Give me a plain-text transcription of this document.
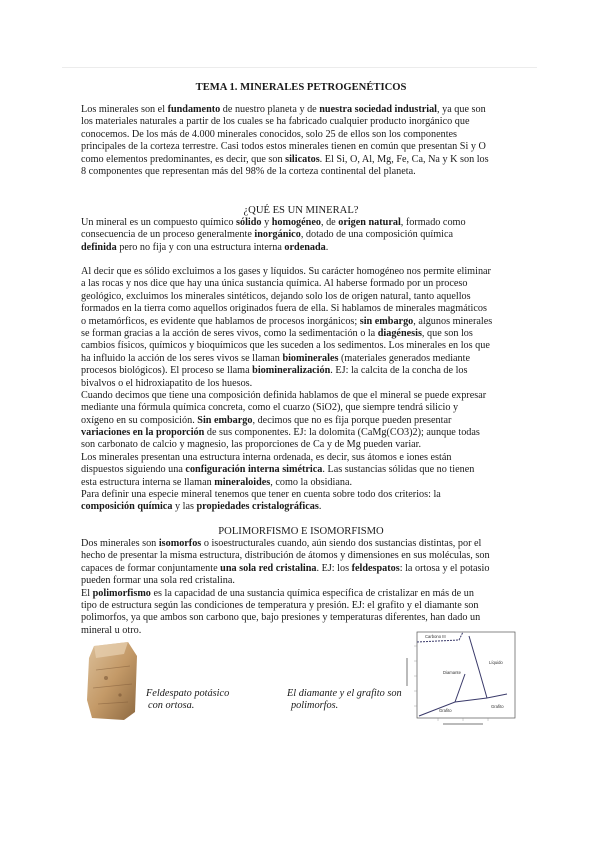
TEMA 1. MINERALES PETROGENÉTICOS
Los minerales son el fundamento de nuestro planeta y de nuestra sociedad industrial, ya que son
los materiales naturales a partir de los cuales se ha fabricado cualquier producto inorgánico que
conocemos. De los más de 4.000 minerales conocidos, solo 25 de ellos son los componentes
principales de la corteza terrestre. Casi todos estos minerales tienen en común que presentan Si y O
como elementos predominantes, es decir, que son silicatos. El Si, O, Al, Mg, Fe, Ca, Na y K son los
8 componentes que representan más del 98% de la corteza continental del planeta.
¿QUÉ ES UN MINERAL?
Un mineral es un compuesto químico sólido y homogéneo, de origen natural, formado como
consecuencia de un proceso generalmente inorgánico, dotado de una composición química
definida pero no fija y con una estructura interna ordenada.
Al decir que es sólido excluimos a los gases y líquidos. Su carácter homogéneo nos permite eliminar
a las rocas y nos dice que hay una única sustancia química. Al haberse formado por un proceso
geológico, excluimos los minerales sintéticos, dejando solo los de origen natural, tanto aquellos
formados en la tierra como aquellos originados fuera de ella. Si hablamos de minerales magmáticos
o metamórficos, es evidente que hablamos de procesos inorgánicos; sin embargo, algunos minerales
se forman gracias a la acción de seres vivos, como la sedimentación o la diagénesis, que son los
cambios físicos, químicos y bioquímicos que les suceden a los sedimentos. Los minerales en los que
ha influido la acción de los seres vivos se llaman biominerales (materiales generados mediante
procesos biológicos). El proceso se llama biomineralización. EJ: la calcita de la concha de los
bivalvos o el hidroxiapatito de los huesos.
Cuando decimos que tiene una composición definida hablamos de que el mineral se puede expresar
mediante una fórmula química concreta, como el cuarzo (SiO2), que siempre tendrá silicio y
oxígeno en su composición. Sin embargo, decimos que no es fija porque pueden presentar
variaciones en la proporción de sus componentes. EJ: la dolomita (CaMg(CO3)2); aunque todas
son carbonato de calcio y magnesio, las proporciones de Ca y de Mg pueden variar.
Los minerales presentan una estructura interna ordenada, es decir, sus átomos e iones están
dispuestos siguiendo una configuración interna simétrica. Las sustancias sólidas que no tienen
esta estructura interna se llaman mineraloides, como la obsidiana.
Para definir una especie mineral tenemos que tener en cuenta sobre todo dos criterios: la
composición química y las propiedades cristalográficas.
POLIMORFISMO E ISOMORFISMO
Dos minerales son isomorfos o isoestructurales cuando, aún siendo dos sustancias distintas, por el
hecho de presentar la misma estructura, distribución de átomos y dimensiones en sus moléculas, son
capaces de formar conjuntamente una sola red cristalina. EJ: los feldespatos: la ortosa y el potasio
pueden formar una sola red cristalina.
El polimorfismo es la capacidad de una sustancia química específica de cristalizar en más de un
tipo de estructura según las condiciones de temperatura y presión. EJ: el grafito y el diamante son
polimorfos, ya que ambos son carbono que, bajo presiones y temperaturas diferentes, han dado un
mineral u otro.
Feldespato potásico
con ortosa.
Diamante
Grafito
Líquido
Grafito
Carbono III
El diamante y el grafito son
polimorfos.
